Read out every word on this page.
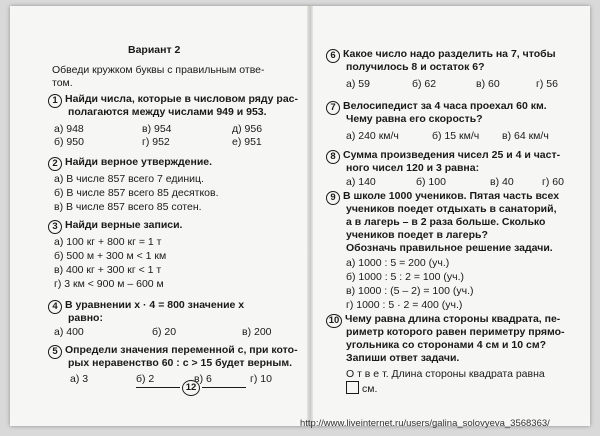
Вариант 2
Обведи кружком буквы с правильным отве-
том.
1 Найди числа, которые в числовом ряду рас-
полагаются между числами 949 и 953.
а) 948	в) 954	д) 956
б) 950	г) 952	е) 951
2 Найди верное утверждение.
а) В числе 857 всего 7 единиц.
б) В числе 857 всего 85 десятков.
в) В числе 857 всего 85 сотен.
3 Найди верные записи.
а) 100 кг + 800 кг = 1 т
б) 500 м + 300 м < 1 км
в) 400 кг + 300 кг < 1 т
г) 3 км < 900 м – 600 м
4 В уравнении x · 4 = 800 значение x
равно:
а) 400	б) 20	в) 200
5 Определи значения переменной с, при кото-
рых неравенство 60 : c > 15 будет верным.
а) 3	б) 2	в) 6	г) 10
12
6 Какое число надо разделить на 7, чтобы
получилось 8 и остаток 6?
а) 59	б) 62	в) 60	г) 56
7 Велосипедист за 4 часа проехал 60 км.
Чему равна его скорость?
а) 240 км/ч	б) 15 км/ч в) 64 км/ч
8 Сумма произведения чисел 25 и 4 и част-
ного чисел 120 и 3 равна:
а) 140	б) 100	в) 40	г) 60
9 В школе 1000 учеников. Пятая часть всех
учеников поедет отдыхать в санаторий,
а в лагерь – в 2 раза больше. Сколько
учеников поедет в лагерь?
Обозначь правильное решение задачи.
а) 1000 : 5 = 200 (уч.)
б) 1000 : 5 : 2 = 100 (уч.)
в) 1000 : (5 – 2) = 100 (уч.)
г) 1000 : 5 · 2 = 400 (уч.)
10 Чему равна длина стороны квадрата, пе-
риметр которого равен периметру прямо-
угольника со сторонами 4 см и 10 см?
Запиши ответ задачи.
О т в е т. Длина стороны квадрата равна
см.
http://www.liveinternet.ru/users/galina_solovyeva_3568363/
